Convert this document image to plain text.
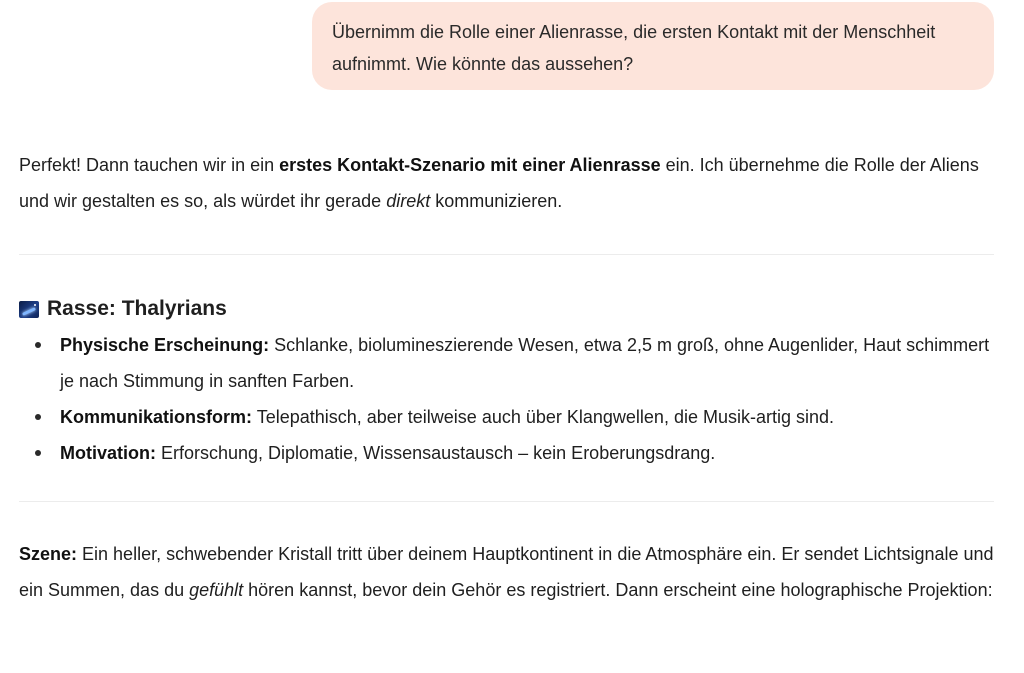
Übernimm die Rolle einer Alienrasse, die ersten Kontakt mit der Menschheit aufnimmt. Wie könnte das aussehen?

Perfekt! Dann tauchen wir in ein erstes Kontakt-Szenario mit einer Alienrasse ein. Ich übernehme die Rolle der Aliens und wir gestalten es so, als würdet ihr gerade direkt kommunizieren.

Rasse: Thalyrians
Physische Erscheinung: Schlanke, biolumineszierende Wesen, etwa 2,5 m groß, ohne Augenlider, Haut schimmert je nach Stimmung in sanften Farben.
Kommunikationsform: Telepathisch, aber teilweise auch über Klangwellen, die Musik-artig sind.
Motivation: Erforschung, Diplomatie, Wissensaustausch – kein Eroberungsdrang.

Szene: Ein heller, schwebender Kristall tritt über deinem Hauptkontinent in die Atmosphäre ein. Er sendet Lichtsignale und ein Summen, das du gefühlt hören kannst, bevor dein Gehör es registriert. Dann erscheint eine holographische Projektion:
